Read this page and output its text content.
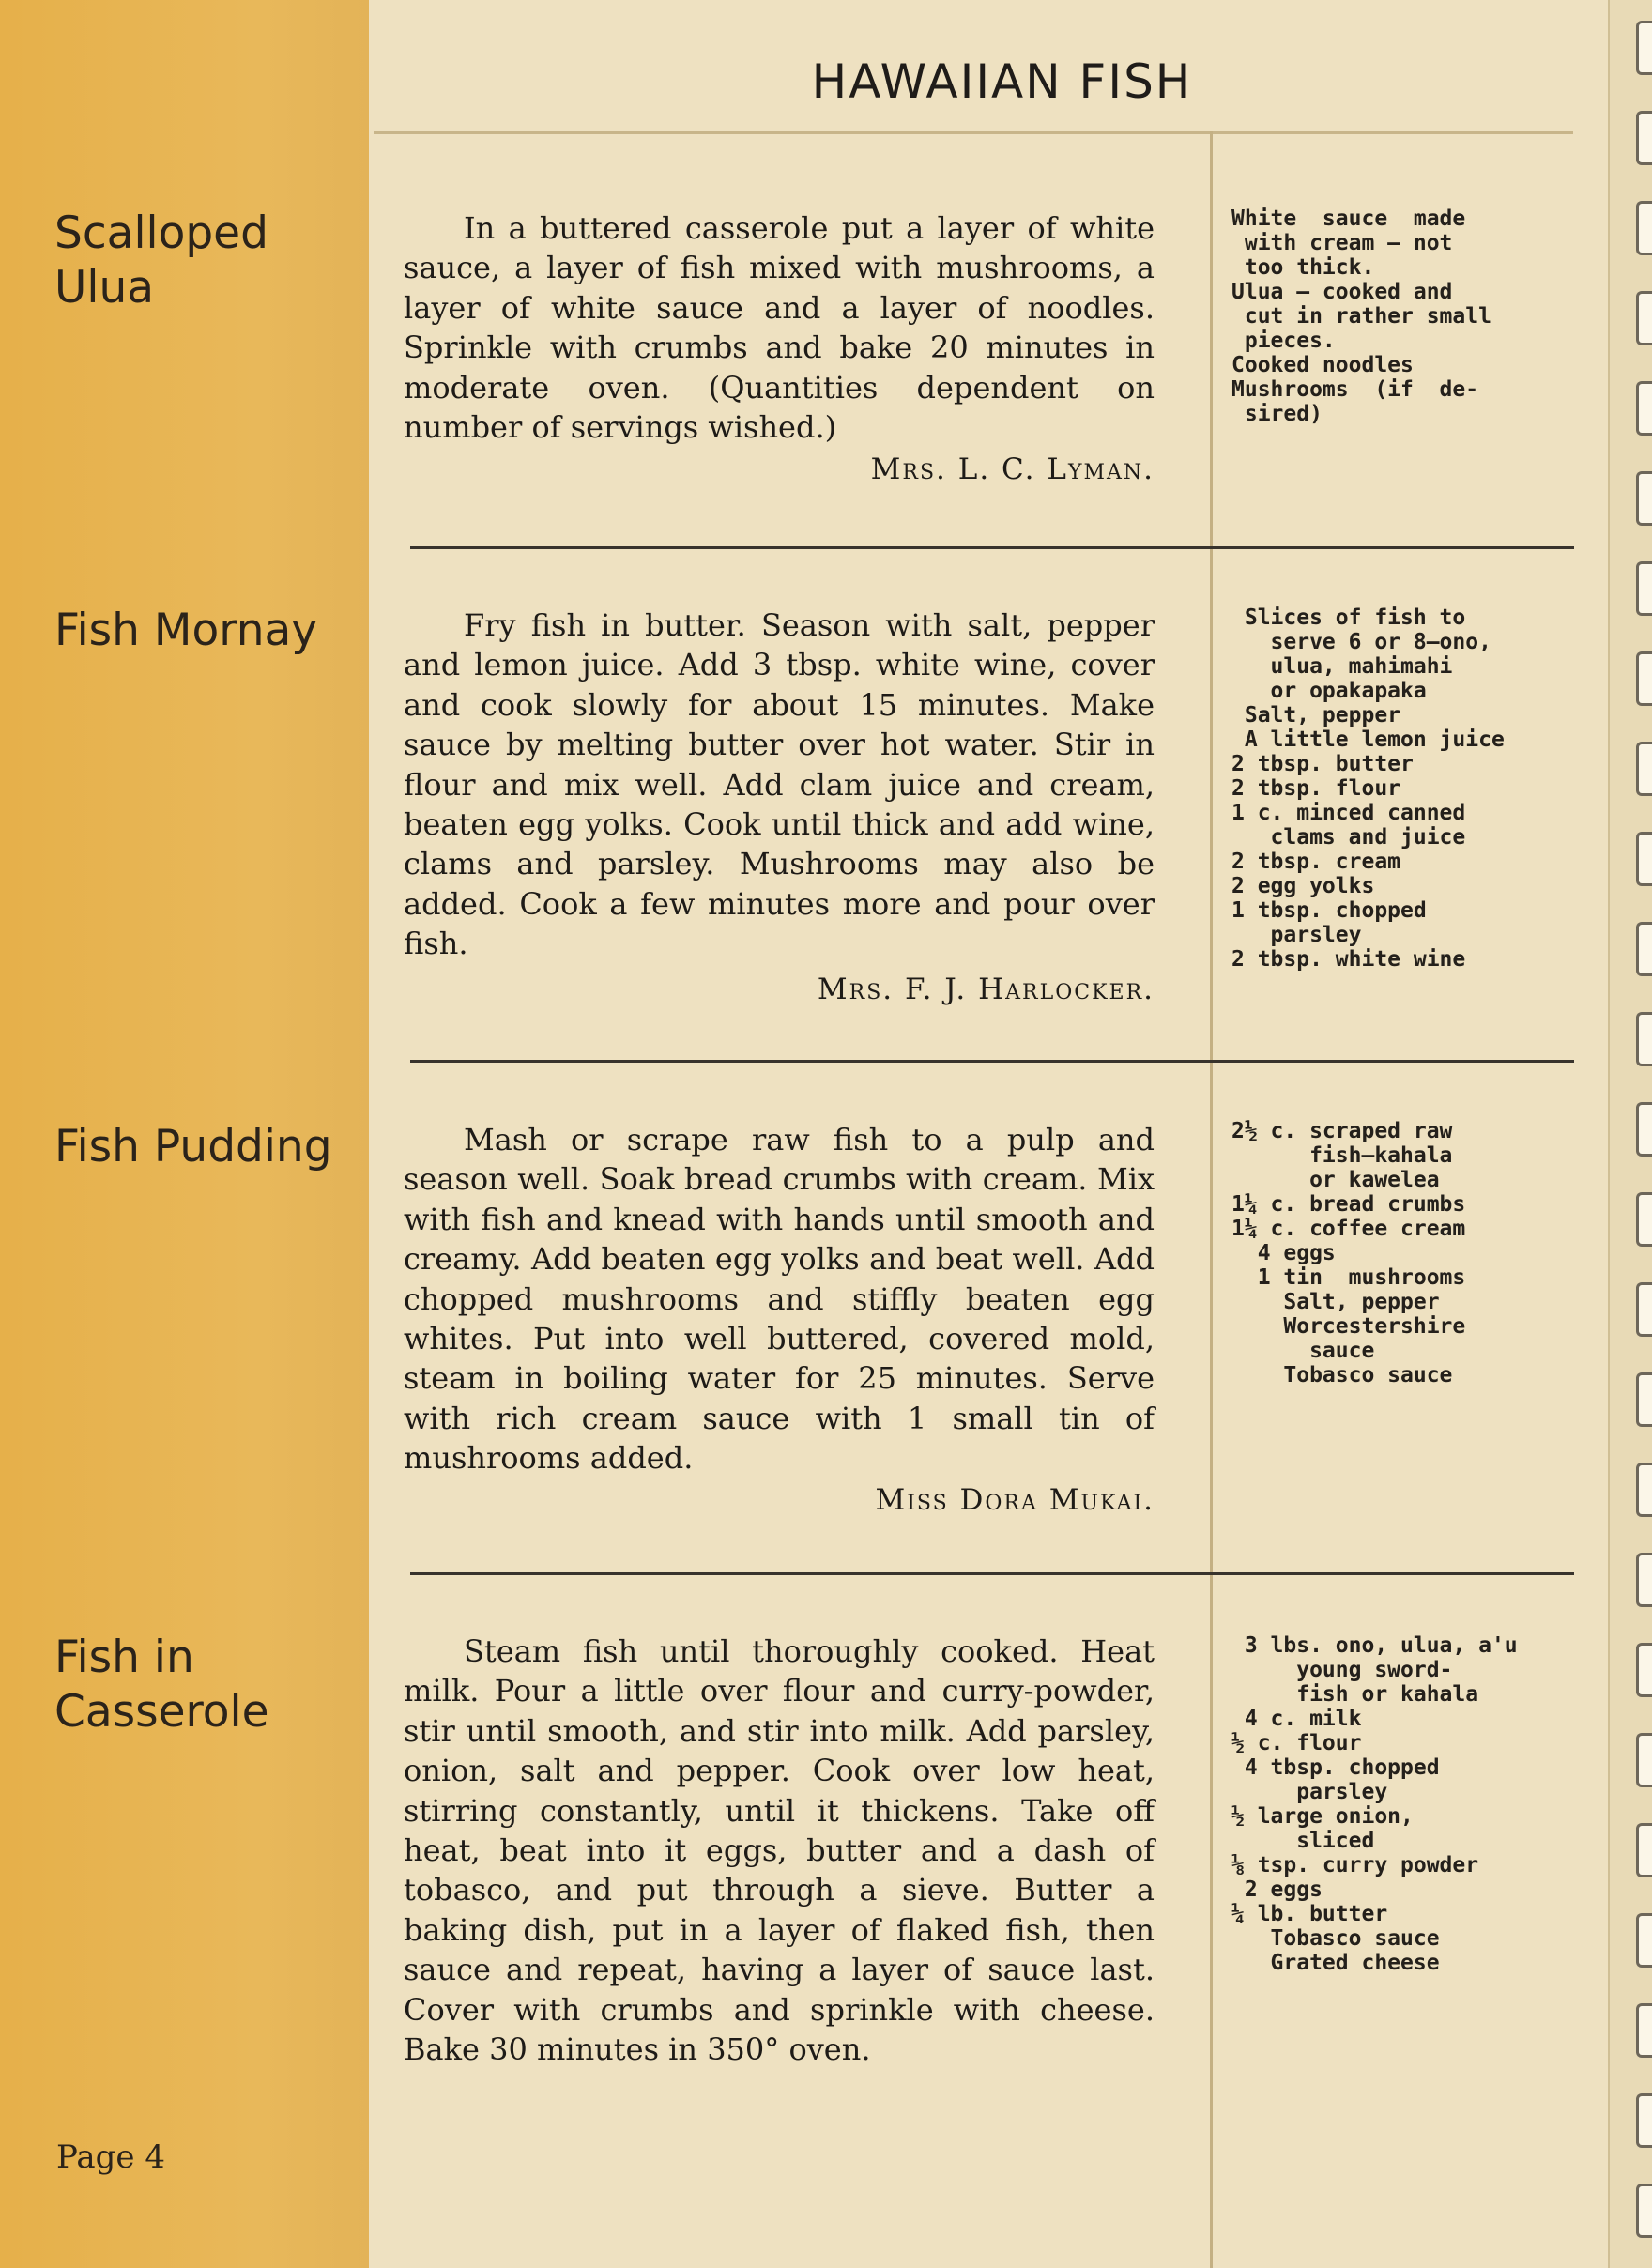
HAWAIIAN FISH
Scalloped Ulua
In a buttered casserole put a layer of white sauce, a layer of fish mixed with mushrooms, a layer of white sauce and a layer of noodles. Sprinkle with crumbs and bake 20 minutes in moderate oven. (Quantities dependent on number of servings wished.)
Mrs. L. C. Lyman.
White  sauce  made
with cream — not
too thick.
Ulua — cooked and
cut in rather small
pieces.
Cooked noodles
Mushrooms  (if  de-
sired)
Fish Mornay	Fry fish in butter. Season with salt, pepper and lemon juice. Add 3 tbsp. white wine, cover and cook slowly for about 15 minutes. Make sauce by melting butter over hot water. Stir in flour and mix well. Add clam juice and cream, beaten egg yolks. Cook until thick and add wine, clams and parsley. Mushrooms may also be added. Cook a few minutes more and pour over fish.
Mrs. F. J. Harlocker.
Slices of fish to
serve 6 or 8—ono,
ulua, mahimahi
or opakapaka
Salt, pepper
A little lemon juice
2 tbsp. butter
2 tbsp. flour
1 c. minced canned
clams and juice
2 tbsp. cream
2 egg yolks
1 tbsp. chopped
parsley
2 tbsp. white wine
Fish Pudding	Mash or scrape raw fish to a pulp and season well. Soak bread crumbs with cream. Mix with fish and knead with hands until smooth and creamy. Add beaten egg yolks and beat well. Add chopped mushrooms and stiffly beaten egg whites. Put into well buttered, covered mold, steam in boiling water for 25 minutes. Serve with rich cream sauce with 1 small tin of mushrooms added.
Miss Dora Mukai.
2½ c. scraped raw
fish—kahala
or kawelea
1¼ c. bread crumbs
1¼ c. coffee cream
4 eggs
1 tin  mushrooms
Salt, pepper
Worcestershire
sauce
Tobasco sauce
Fish in Casserole
Steam fish until thoroughly cooked. Heat milk. Pour a little over flour and curry-powder, stir until smooth, and stir into milk. Add parsley, onion, salt and pepper. Cook over low heat, stirring constantly, until it thickens. Take off heat, beat into it eggs, butter and a dash of tobasco, and put through a sieve. Butter a baking dish, put in a layer of flaked fish, then sauce and repeat, having a layer of sauce last. Cover with crumbs and sprinkle with cheese. Bake 30 minutes in 350° oven.
3 lbs. ono, ulua, a'u
young sword-
fish or kahala
4 c. milk
½ c. flour
4 tbsp. chopped
parsley
½ large onion,
sliced
⅛ tsp. curry powder
2 eggs
¼ lb. butter
Tobasco sauce
Grated cheese
Page 4
